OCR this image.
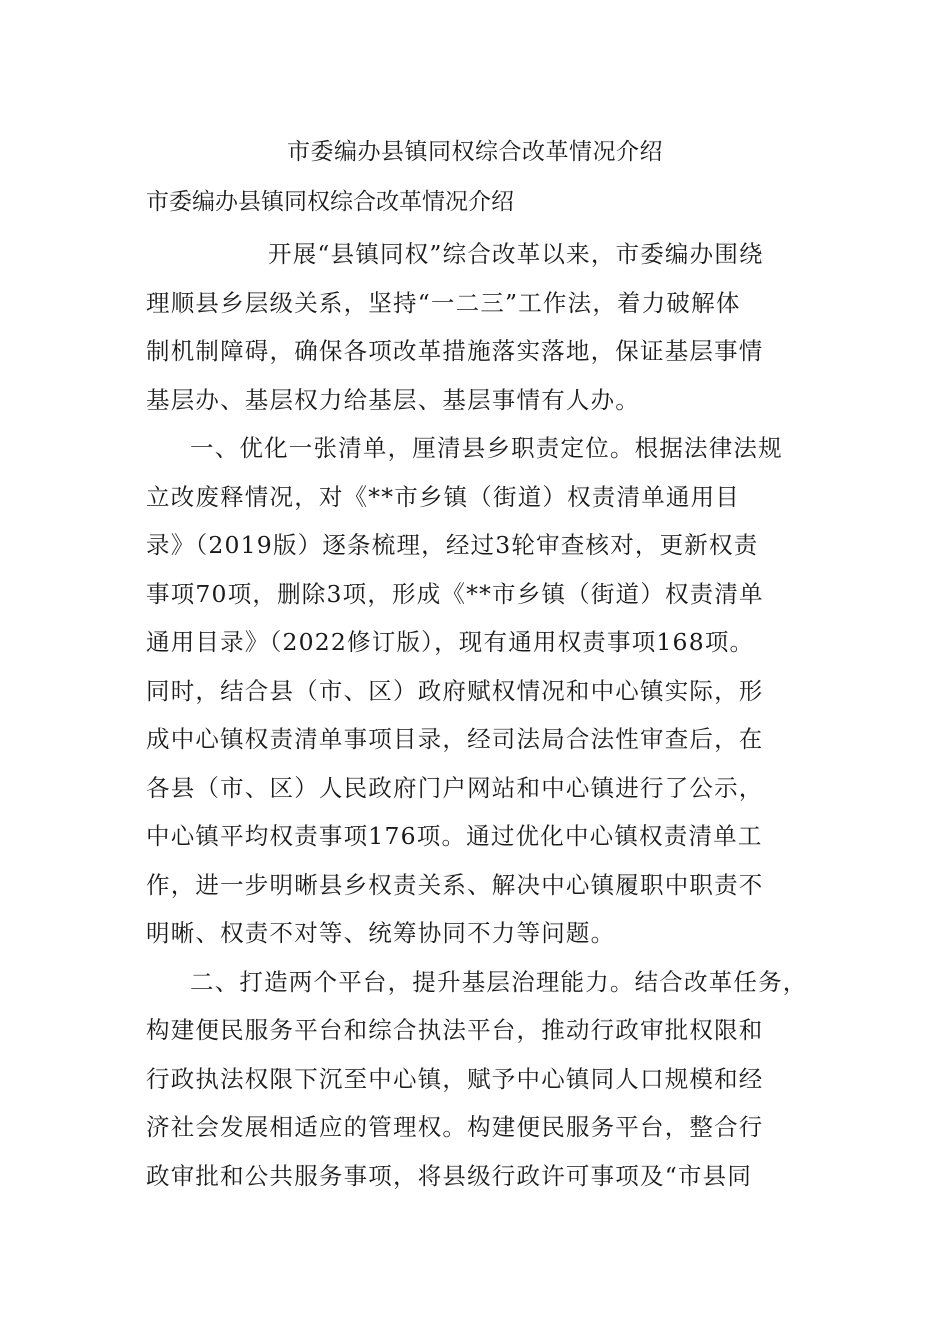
市委编办县镇同权综合改革情况介绍
市委编办县镇同权综合改革情况介绍

开展“县镇同权”综合改革以来，市委编办围绕
理顺县乡层级关系，坚持“一二三”工作法，着力破解体
制机制障碍，确保各项改革措施落实落地，保证基层事情
基层办、基层权力给基层、基层事情有人办。

一、优化一张清单，厘清县乡职责定位。根据法律法规
立改废释情况，对《**市乡镇（街道）权责清单通用目
录》（2019版）逐条梳理，经过3轮审查核对，更新权责
事项70项，删除3项，形成《**市乡镇（街道）权责清单
通用目录》（2022修订版），现有通用权责事项168项。
同时，结合县（市、区）政府赋权情况和中心镇实际，形
成中心镇权责清单事项目录，经司法局合法性审查后，在
各县（市、区）人民政府门户网站和中心镇进行了公示，
中心镇平均权责事项176项。通过优化中心镇权责清单工
作，进一步明晰县乡权责关系、解决中心镇履职中职责不
明晰、权责不对等、统筹协同不力等问题。

二、打造两个平台，提升基层治理能力。结合改革任务，
构建便民服务平台和综合执法平台，推动行政审批权限和
行政执法权限下沉至中心镇，赋予中心镇同人口规模和经
济社会发展相适应的管理权。构建便民服务平台，整合行
政审批和公共服务事项，将县级行政许可事项及“市县同
